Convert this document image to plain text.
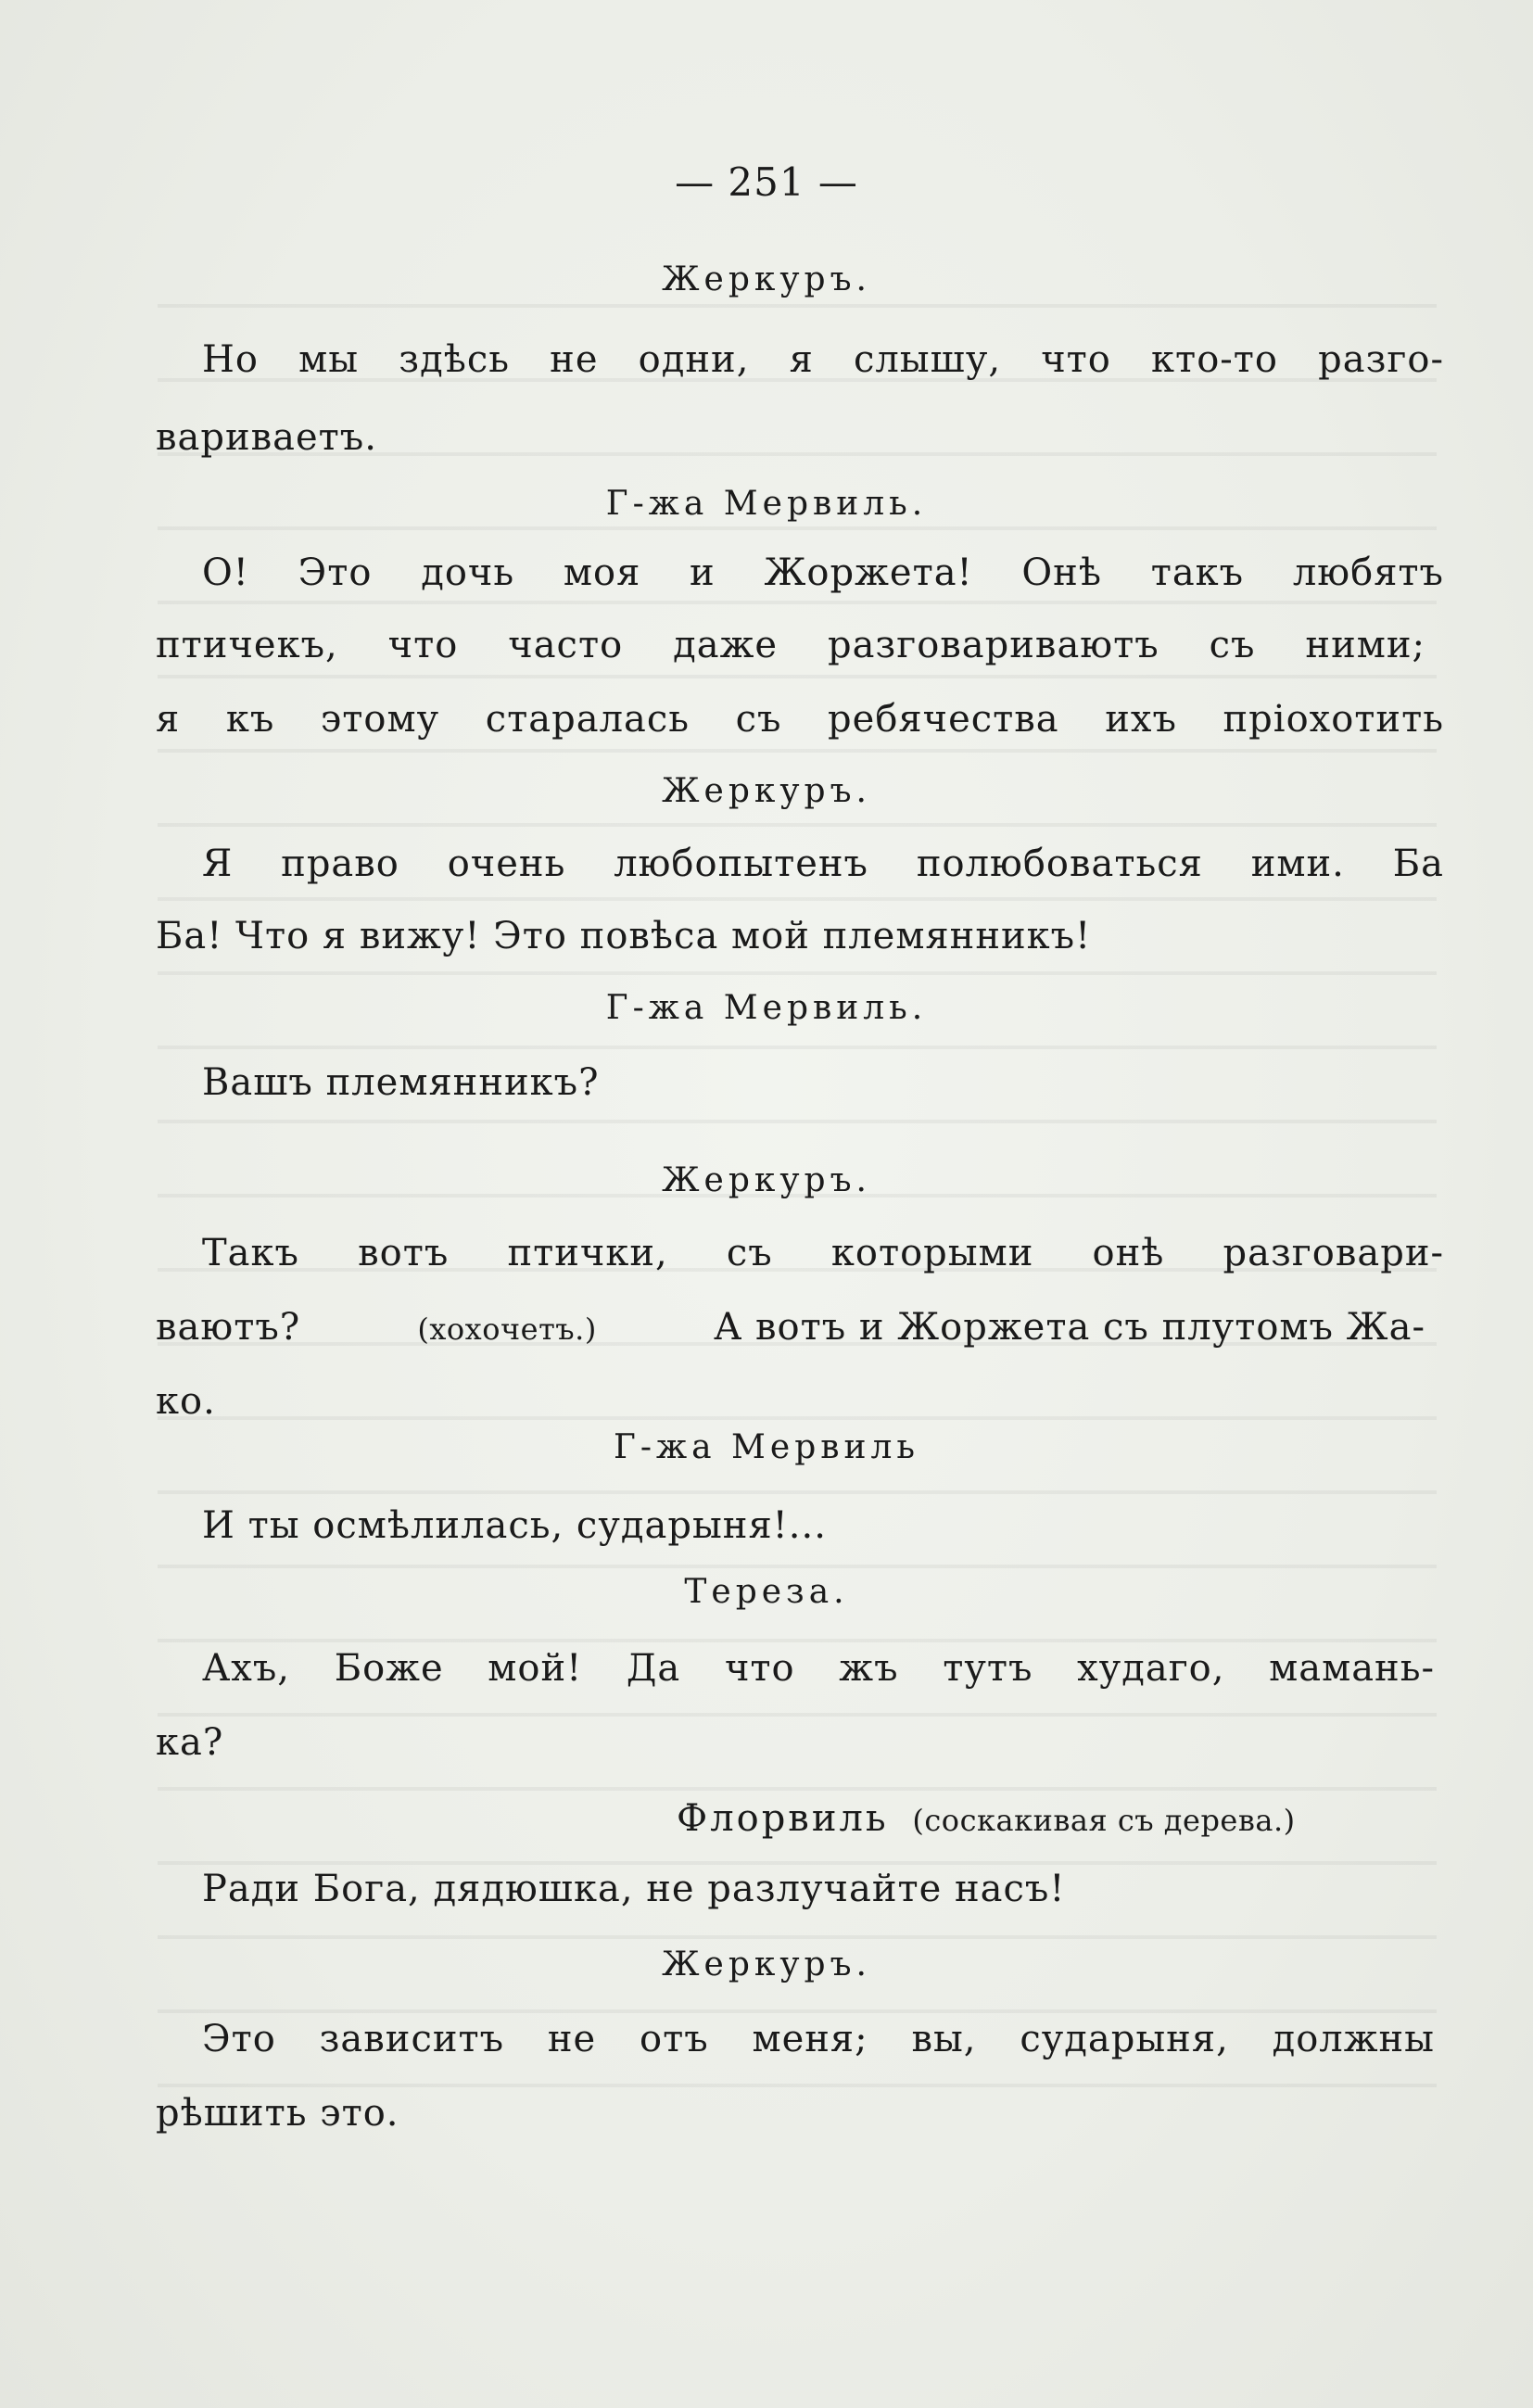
— 251 —
Жеркуръ.
Но мы здѣсь не одни, я слышу, что кто-то разго-
вариваетъ.
Г-жа Мервиль.
О! Это дочь моя и Жоржета! Онѣ такъ любятъ
птичекъ, что часто даже разговариваютъ съ ними;
я къ этому старалась съ ребячества ихъ пріохотить
Жеркуръ.
Я право очень любопытенъ полюбоваться ими. Ба
Ба! Что я вижу! Это повѣса мой племянникъ!
Г-жа Мервиль.
Вашъ племянникъ?
Жеркуръ.
Такъ вотъ птички, съ которыми онѣ разговари-
ваютъ?	(хохочетъ.)	А вотъ и Жоржета съ плутомъ Жа-
ко.
Г-жа Мервиль
И ты осмѣлилась, сударыня!...
Тереза.
Ахъ, Боже мой! Да что жъ тутъ худаго, мамань-
ка?
Флорвиль (соскакивая съ дерева.)
Ради Бога, дядюшка, не разлучайте насъ!
Жеркуръ.
Это зависитъ не отъ меня; вы, сударыня, должны
рѣшить это.
